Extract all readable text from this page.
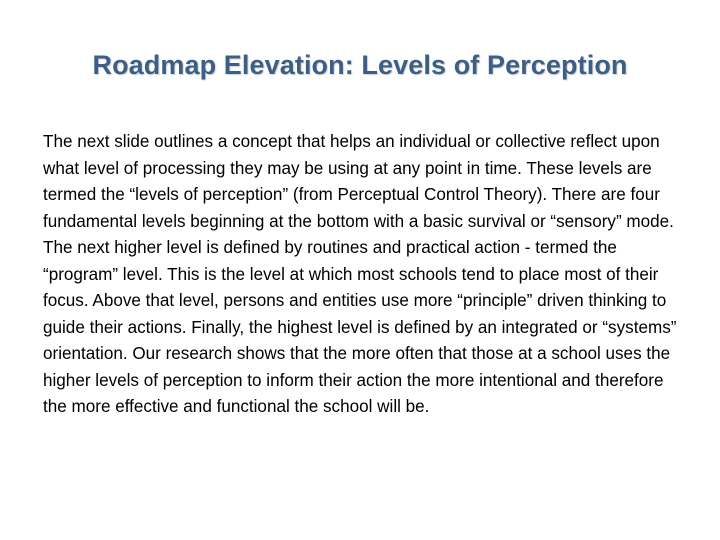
Roadmap Elevation: Levels of Perception

The next slide outlines a concept that helps an individual or collective reflect upon what level of processing they may be using at any point in time. These levels are termed the “levels of perception” (from Perceptual Control Theory). There are four fundamental levels beginning at the bottom with a basic survival or “sensory” mode. The next higher level is defined by routines and practical action - termed the “program” level. This is the level at which most schools tend to place most of their focus. Above that level, persons and entities use more “principle” driven thinking to guide their actions. Finally, the highest level is defined by an integrated or “systems” orientation. Our research shows that the more often that those at a school uses the higher levels of perception to inform their action the more intentional and therefore the more effective and functional the school will be.
